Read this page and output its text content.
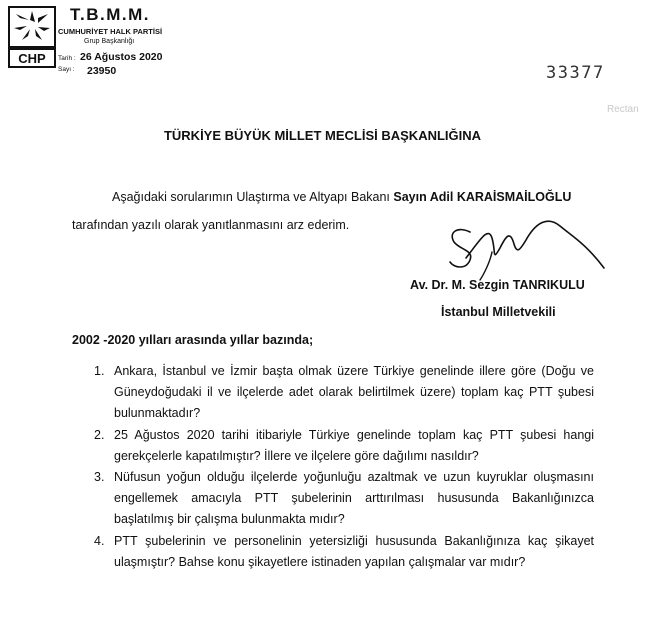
CHP
T.B.M.M.
CUMHURİYET HALK PARTİSİ
Grup Başkanlığı
Tarih : 26 Ağustos 2020
Sayı : 23950	33377
Rectan
TÜRKİYE BÜYÜK MİLLET MECLİSİ BAŞKANLIĞINA
Aşağıdaki sorularımın Ulaştırma ve Altyapı Bakanı Sayın Adil KARAİSMAİLOĞLU
tarafından yazılı olarak yanıtlanmasını arz ederim.
Av. Dr. M. Sezgin TANRIKULU
İstanbul Milletvekili
2002 -2020 yılları arasında yıllar bazında;
1. Ankara, İstanbul ve İzmir başta olmak üzere Türkiye genelinde illere göre (Doğu ve Güneydoğudaki il ve ilçelerde adet olarak belirtilmek üzere) toplam kaç PTT şubesi bulunmaktadır?
2. 25 Ağustos 2020 tarihi itibariyle Türkiye genelinde toplam kaç PTT şubesi hangi gerekçelerle kapatılmıştır? İllere ve ilçelere göre dağılımı nasıldır?
3. Nüfusun yoğun olduğu ilçelerde yoğunluğu azaltmak ve uzun kuyruklar oluşmasını engellemek amacıyla PTT şubelerinin arttırılması hususunda Bakanlığınızca başlatılmış bir çalışma bulunmakta mıdır?
4. PTT şubelerinin ve personelinin yetersizliği hususunda Bakanlığınıza kaç şikayet ulaşmıştır? Bahse konu şikayetlere istinaden yapılan çalışmalar var mıdır?
